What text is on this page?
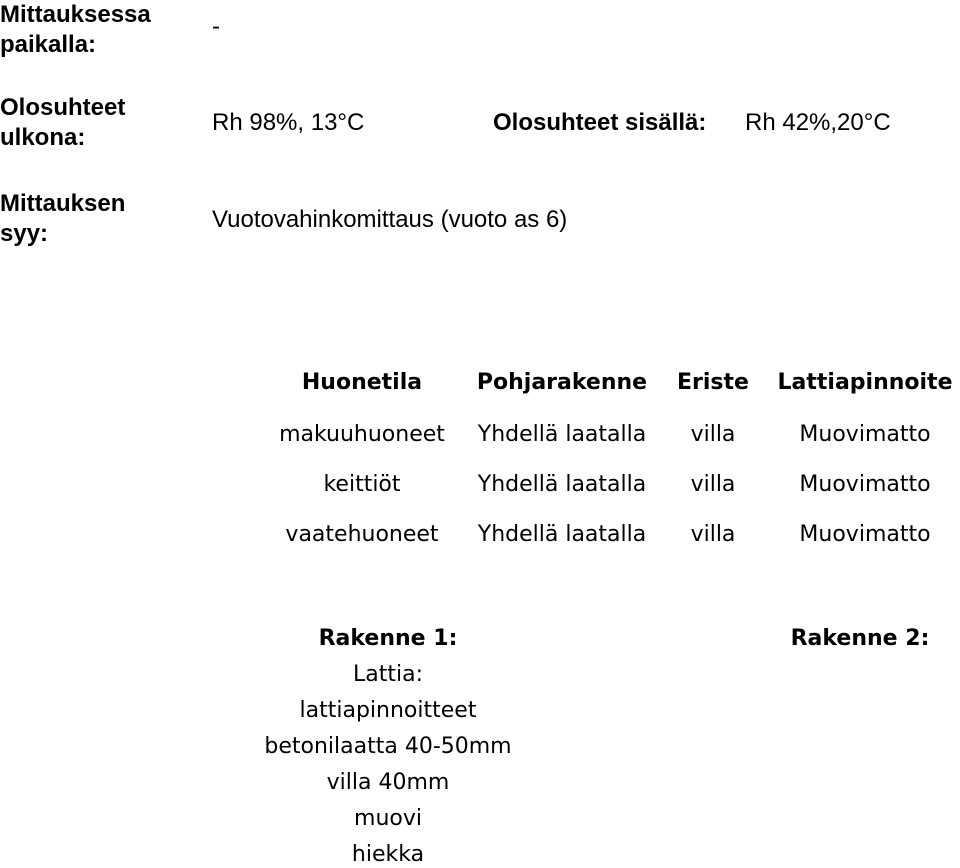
Mittauksessa paikalla:
-
Olosuhteet ulkona:
Rh 98%, 13°C	Olosuhteet sisällä: Rh 42%,20°C
Mittauksen syy:
Vuotovahinkomittaus (vuoto as 6)
Huonetila	Pohjarakenne	Eriste	Lattiapinnoite
makuuhuoneet	Yhdellä laatalla	villa	Muovimatto
keittiöt	Yhdellä laatalla	villa	Muovimatto
vaatehuoneet	Yhdellä laatalla	villa	Muovimatto
Rakenne 1:
Lattia:
lattiapinnoitteet
betonilaatta 40-50mm
villa 40mm
muovi
hiekka
Rakenne 2:
